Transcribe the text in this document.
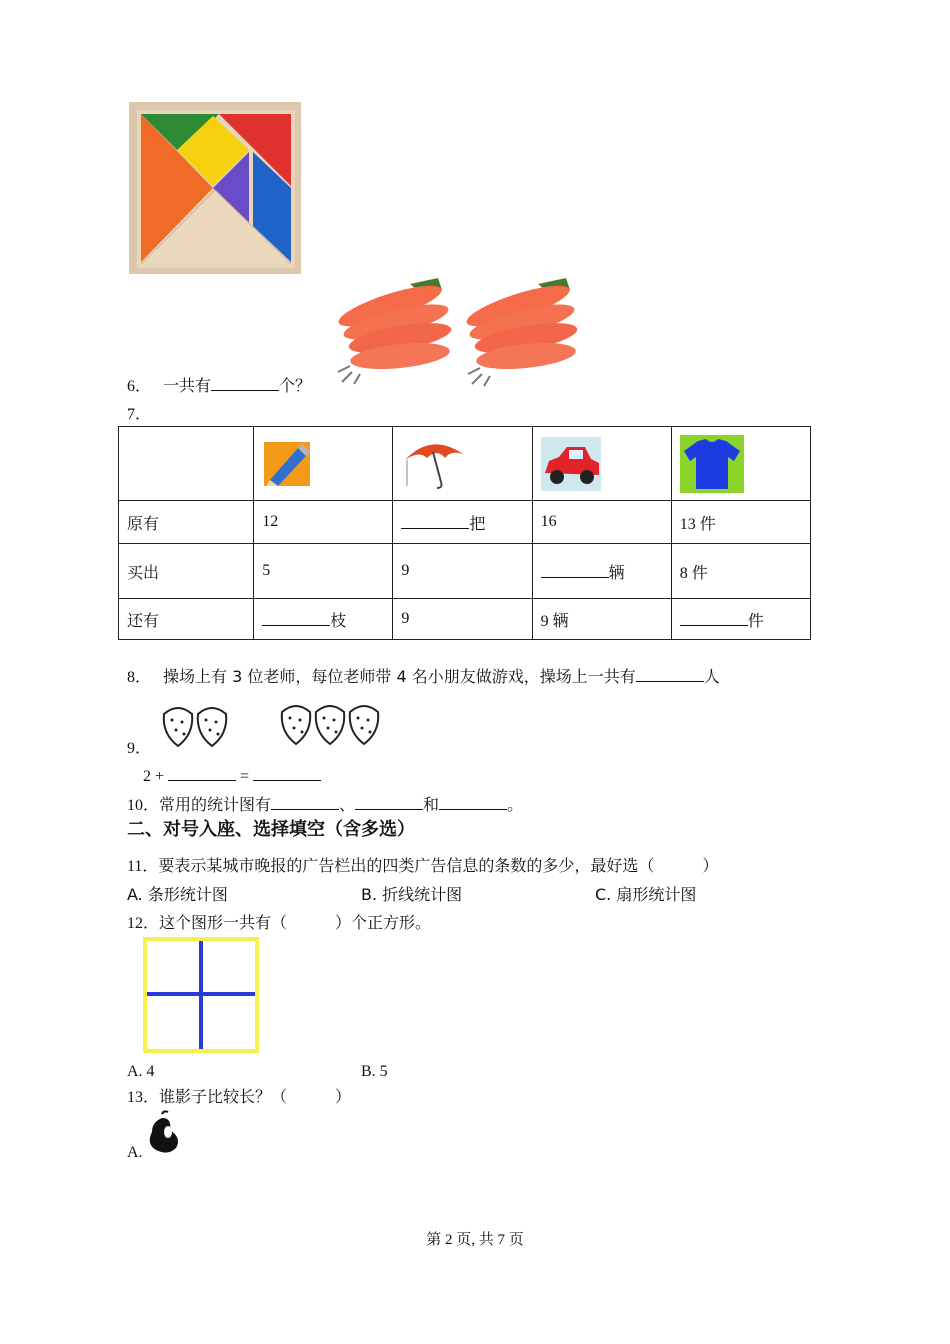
6． 一共有	个？
7．

原有	12	把	16	13 件
买出	5	9	辆	8 件
还有	枝	9	9 辆	件
8． 操场上有 3 位老师，每位老师带 4 名小朋友做游戏，操场上一共有	人
9．
2 +	=
10．常用的统计图有	、	和	。
二、对号入座、选择填空（含多选）
11．要表示某城市晚报的广告栏出的四类广告信息的条数的多少，最好选（　　　）
A. 条形统计图	B. 折线统计图	C. 扇形统计图
12．这个图形一共有（　　　）个正方形。
A. 4	B. 5
13．谁影子比较长？（　　　）
A.
第 2 页, 共 7 页
